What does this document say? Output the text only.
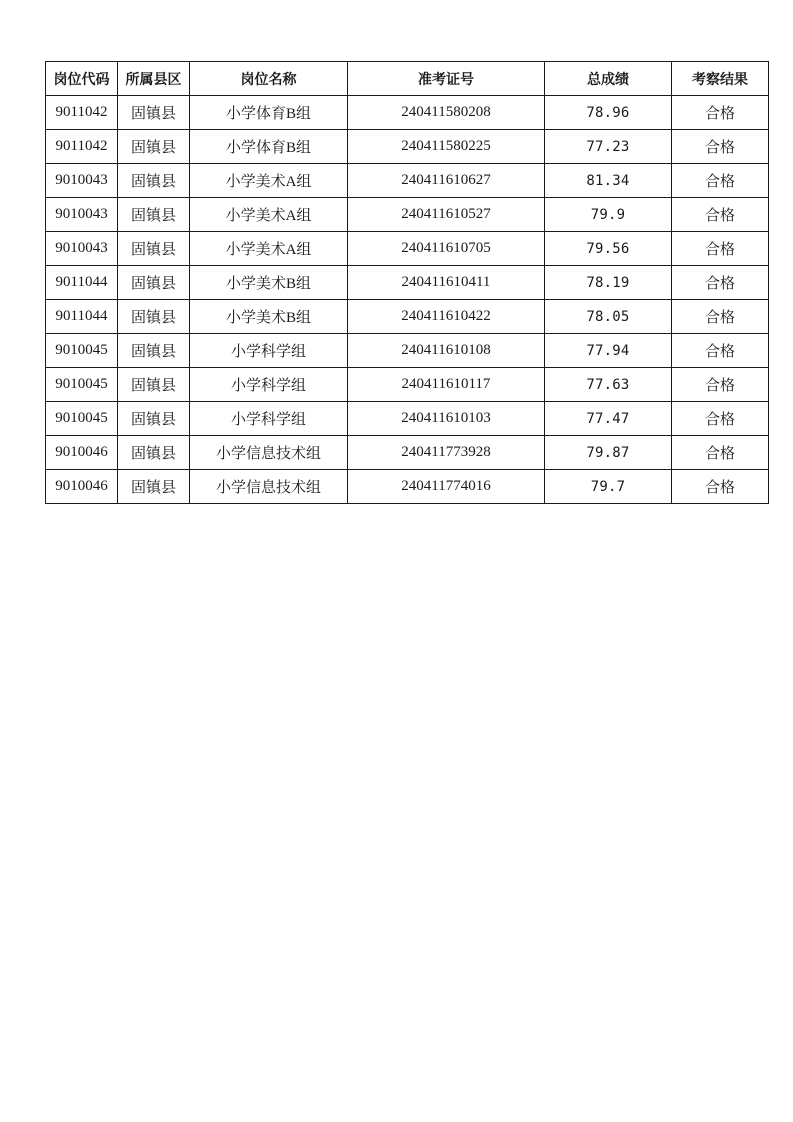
岗位代码	所属县区	岗位名称	准考证号	总成绩	考察结果
9011042	固镇县	小学体育B组	240411580208	78.96	合格
9011042	固镇县	小学体育B组	240411580225	77.23	合格
9010043	固镇县	小学美术A组	240411610627	81.34	合格
9010043	固镇县	小学美术A组	240411610527	79.9	合格
9010043	固镇县	小学美术A组	240411610705	79.56	合格
9011044	固镇县	小学美术B组	240411610411	78.19	合格
9011044	固镇县	小学美术B组	240411610422	78.05	合格
9010045	固镇县	小学科学组	240411610108	77.94	合格
9010045	固镇县	小学科学组	240411610117	77.63	合格
9010045	固镇县	小学科学组	240411610103	77.47	合格
9010046	固镇县	小学信息技术组	240411773928	79.87	合格
9010046	固镇县	小学信息技术组	240411774016	79.7	合格
